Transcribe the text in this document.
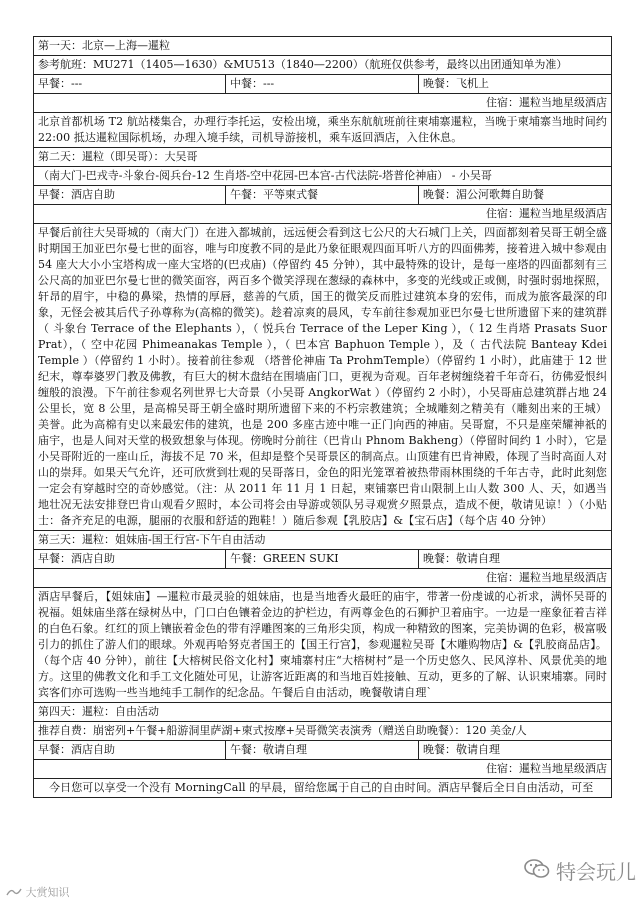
第一天：北京—上海—暹粒		
参考航班：MU271（1405—1630）&MU513（1840—2200）（航班仅供参考，最终以出团通知单为准）		
早餐：---	中餐：---	晚餐：飞机上
住宿：暹粒当地星级酒店		
北京首都机场 T2 航站楼集合，办理行李托运，安检出境，乘坐东航航班前往柬埔寨暹粒，当晚于柬埔寨当地时间约 22:00 抵达暹粒国际机场，办理入境手续，司机导游接机，乘车返回酒店，入住休息。		
第二天：暹粒（即吴哥）：大吴哥		
（南大门-巴戎寺-斗象台-阅兵台-12 生肖塔-空中花园-巴本宫-古代法院-塔普伦神庙） - 小吴哥		
早餐：酒店自助	午餐：平等柬式餐	晚餐：湄公河歌舞自助餐
住宿：暹粒当地星级酒店		
早餐后前往大吴哥城的（南大门）在进入都城前，远远便会看到这七公尺的大石城门上关，四面都刻着吴哥王朝全盛时期国王加亚巴尔曼七世的面容，唯与印度教不同的是此乃象征眼观四面耳听八方的四面佛莠，接着进入城中参观由 54 座大大小小宝塔构成一座大宝塔的(巴戎庙)（停留约 45 分钟），其中最特殊的设计，是每一座塔的四面都刻有三公尺高的加亚巴尔曼七世的微笑面容，两百多个微笑浮现在葱绿的森林中，多变的光线或正或侧，时强时弱地探照，轩昂的眉宇，中稳的鼻梁，热情的厚唇，慈善的气质，国王的微笑反而胜过建筑本身的宏伟，而成为旅客最深的印象，无怪会被其后代子孙尊称为(高棉的微笑)。趁着凉爽的晨风，专车前往参观加亚巴尔曼七世所遗留下来的建筑群（ 斗象台 Terrace of the Elephants ），（ 悦兵台 Terrace of the Leper King ），（ 12 生肖塔 Prasats Suor Prat），（ 空中花园 Phimeanakas Temple ），（ 巴本宫 Baphuon Temple ），及（ 古代法院 Banteay Kdei Temple ）（停留约 1 小时）。接着前往参观 （塔普伦神庙 Ta ProhmTemple）（停留约 1 小时），此庙建于 12 世纪末，尊奉婆罗门教及佛教，有巨大的树木盘结在围墙庙门口，更视为奇观。百年老树缠绕着千年奇石，彷佛爱恨纠缠般的浪漫。下午前往参观名列世界七大奇景（小吴哥 AngkorWat ）（停留约 2 小时），小吴哥庙总建筑群占地 24 公里长，宽 8 公里，是高棉吴哥王朝全盛时期所遗留下来的不朽宗教建筑；全城雕刻之精美有（雕刻出来的王城）美誉。此为高棉有史以来最宏伟的建筑，也是 200 多座古迹中唯一正门向西的神庙。吴哥窟，不只是座荣耀神祇的庙宇，也是人间对天堂的极致想象与体现。傍晚时分前往（巴肯山 Phnom Bakheng）（停留时间约 1 小时），它是小吴哥附近的一座山丘，海拔不足 70 米，但却是整个吴哥景区的制高点。山顶建有巴肯神殿，体现了当时高面人对山的崇拜。如果天气允许，还可欣赏到壮观的吴哥落日，金色的阳光笼罩着被热带雨林围绕的千年古寺，此时此刻您一定会有穿越时空的奇妙感觉。（注：从 2011 年 11 月 1 日起，柬铺寨巴肯山限制上山人数 300 人、天，如遇当地壮况无法安排登巴肯山观看夕照时，本公司将会由导游或领队另寻观赏夕照景点，造成不便，敬请见谅！）（小贴士：备齐充足的电源，腿丽的衣服和舒适的跑鞋！）随后参观【乳胶店】&【宝石店】（每个店 40 分钟）		
第三天：暹粒：姐妹庙-国王行宫-下午自由活动		
早餐：酒店自助	午餐：GREEN SUKI	晚餐：敬请自理
住宿：暹粒当地星级酒店		
酒店早餐后，【姐妹庙】—暹粒市最灵验的姐妹庙，也是当地香火最旺的庙宇，带著一份虔诚的心祈求，满怀吴哥的祝福。姐妹庙坐落在绿树丛中，门口白色镶着金边的护栏边，有两尊金色的石狮护卫着庙宇。一边是一座象征着吉祥的白色石象。红红的顶上镶嵌着金色的带有浮雕图案的三角形尖顶，构成一种精致的图案，完美协调的色彩，极富吸引力的抓住了游人们的眼球。外观再哈努克者国王的【国王行宫】，参观暹粒吴哥【木雕购物店】&【乳胶商品店】。（每个店 40 分钟），前往【大榕树民俗文化村】柬埔寨村庄“大榕树村”是一个历史悠久、民风淳朴、风景优美的地方。这里的佛教文化和手工文化随处可见，让游客近距离的和当地百姓接触、互动，更多的了解、认识柬埔寨。同时宾客们亦可选购一些当地纯手工制作的纪念品。午餐后自由活动，晚餐敬请自理`		
第四天：暹粒：自由活动		
推荐自费：崩密列+午餐+船游洞里萨湖+柬式按摩+吴哥微笑表演秀（赠送自助晚餐）：120 美金/人		
早餐：酒店自助	午餐：敬请自理	晚餐：敬请自理
住宿：暹粒当地星级酒店		
今日您可以享受一个没有 MorningCall 的早晨，留给您属于自己的自由时间。酒店早餐后全日自由活动，可至		
大赏知识
特会玩儿
